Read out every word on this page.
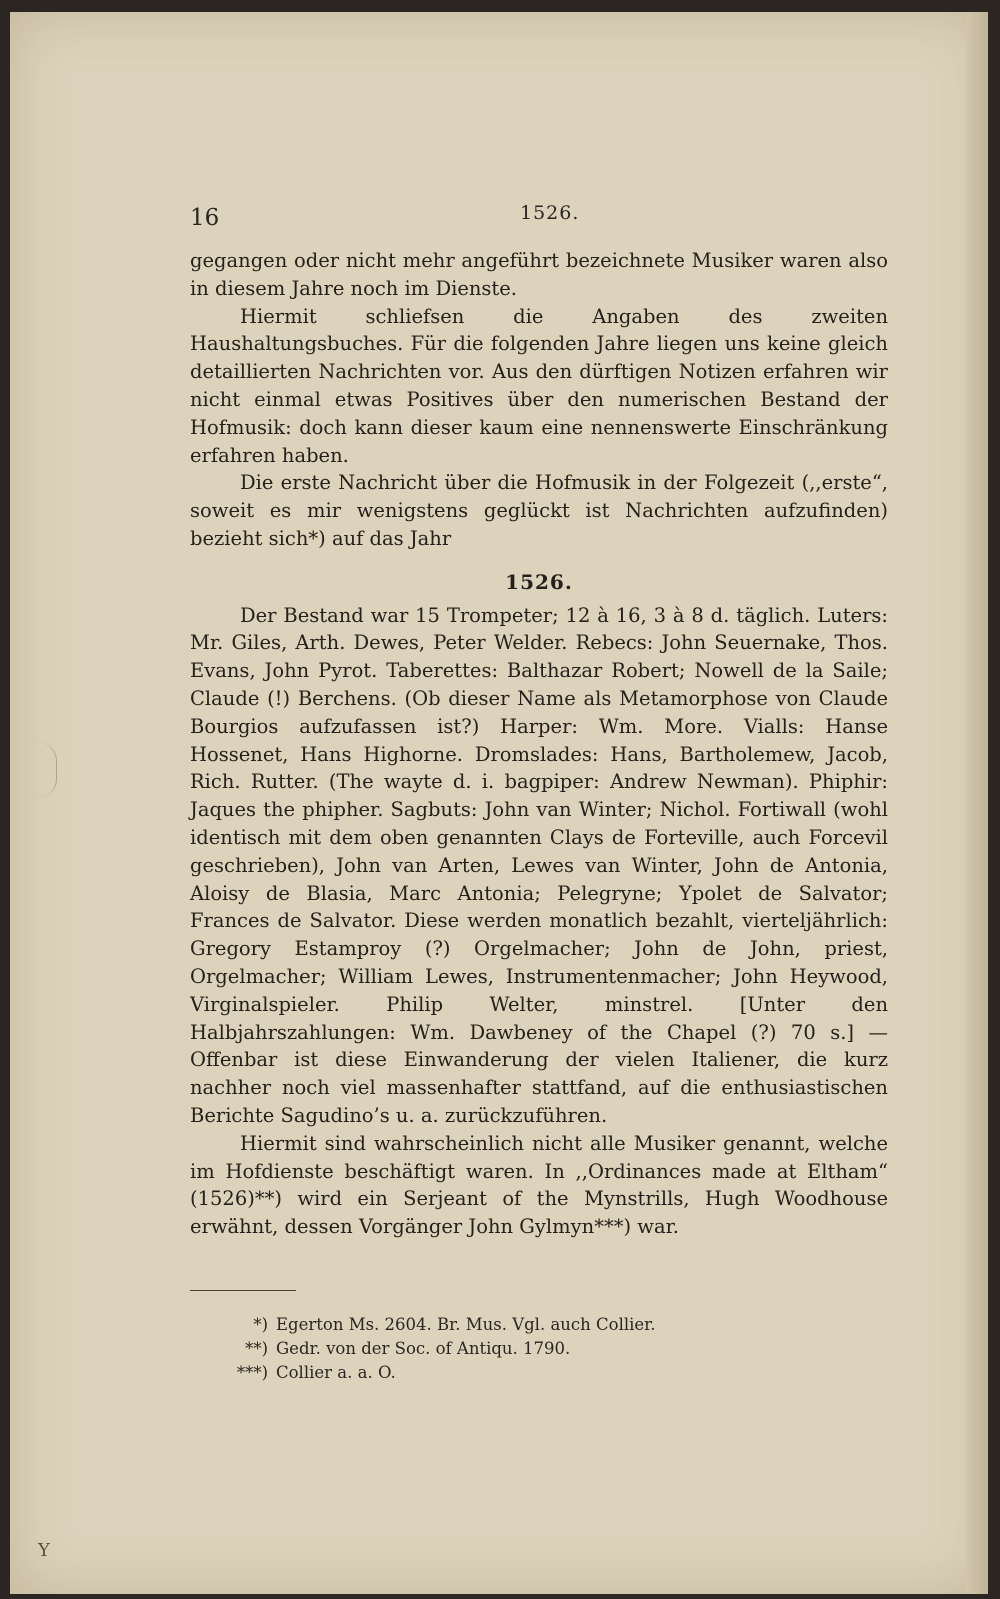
16	1526.

gegangen oder nicht mehr angeführt bezeichnete Musiker waren also in diesem Jahre noch im Dienste.

Hiermit schliefsen die Angaben des zweiten Haushaltungsbuches. Für die folgenden Jahre liegen uns keine gleich detaillierten Nachrichten vor. Aus den dürftigen Notizen erfahren wir nicht einmal etwas Positives über den numerischen Bestand der Hofmusik: doch kann dieser kaum eine nennenswerte Einschränkung erfahren haben.

Die erste Nachricht über die Hofmusik in der Folgezeit (,,erste“, soweit es mir wenigstens geglückt ist Nachrichten aufzufinden) bezieht sich*) auf das Jahr

1526.

Der Bestand war 15 Trompeter; 12 à 16, 3 à 8 d. täglich. Luters: Mr. Giles, Arth. Dewes, Peter Welder. Rebecs: John Seuernake, Thos. Evans, John Pyrot. Taberettes: Balthazar Robert; Nowell de la Saile; Claude (!) Berchens. (Ob dieser Name als Metamorphose von Claude Bourgios aufzufassen ist?) Harper: Wm. More. Vialls: Hanse Hossenet, Hans Highorne. Dromslades: Hans, Bartholemew, Jacob, Rich. Rutter. (The wayte d. i. bagpiper: Andrew Newman). Phiphir: Jaques the phipher. Sagbuts: John van Winter; Nichol. Fortiwall (wohl identisch mit dem oben genannten Clays de Forteville, auch Forcevil geschrieben), John van Arten, Lewes van Winter, John de Antonia, Aloisy de Blasia, Marc Antonia; Pelegryne; Ypolet de Salvator; Frances de Salvator. Diese werden monatlich bezahlt, vierteljährlich: Gregory Estamproy (?) Orgelmacher; John de John, priest, Orgelmacher; William Lewes, Instrumentenmacher; John Heywood, Virginalspieler. Philip Welter, minstrel. [Unter den Halbjahrszahlungen: Wm. Dawbeney of the Chapel (?) 70 s.] — Offenbar ist diese Einwanderung der vielen Italiener, die kurz nachher noch viel massenhafter stattfand, auf die enthusiastischen Berichte Sagudino’s u. a. zurückzuführen.

Hiermit sind wahrscheinlich nicht alle Musiker genannt, welche im Hofdienste beschäftigt waren. In ,,Ordinances made at Eltham“ (1526)**) wird ein Serjeant of the Mynstrills, Hugh Woodhouse erwähnt, dessen Vorgänger John Gylmyn***) war.

*) Egerton Ms. 2604. Br. Mus. Vgl. auch Collier.
**) Gedr. von der Soc. of Antiqu. 1790.
***) Collier a. a. O.
Y
